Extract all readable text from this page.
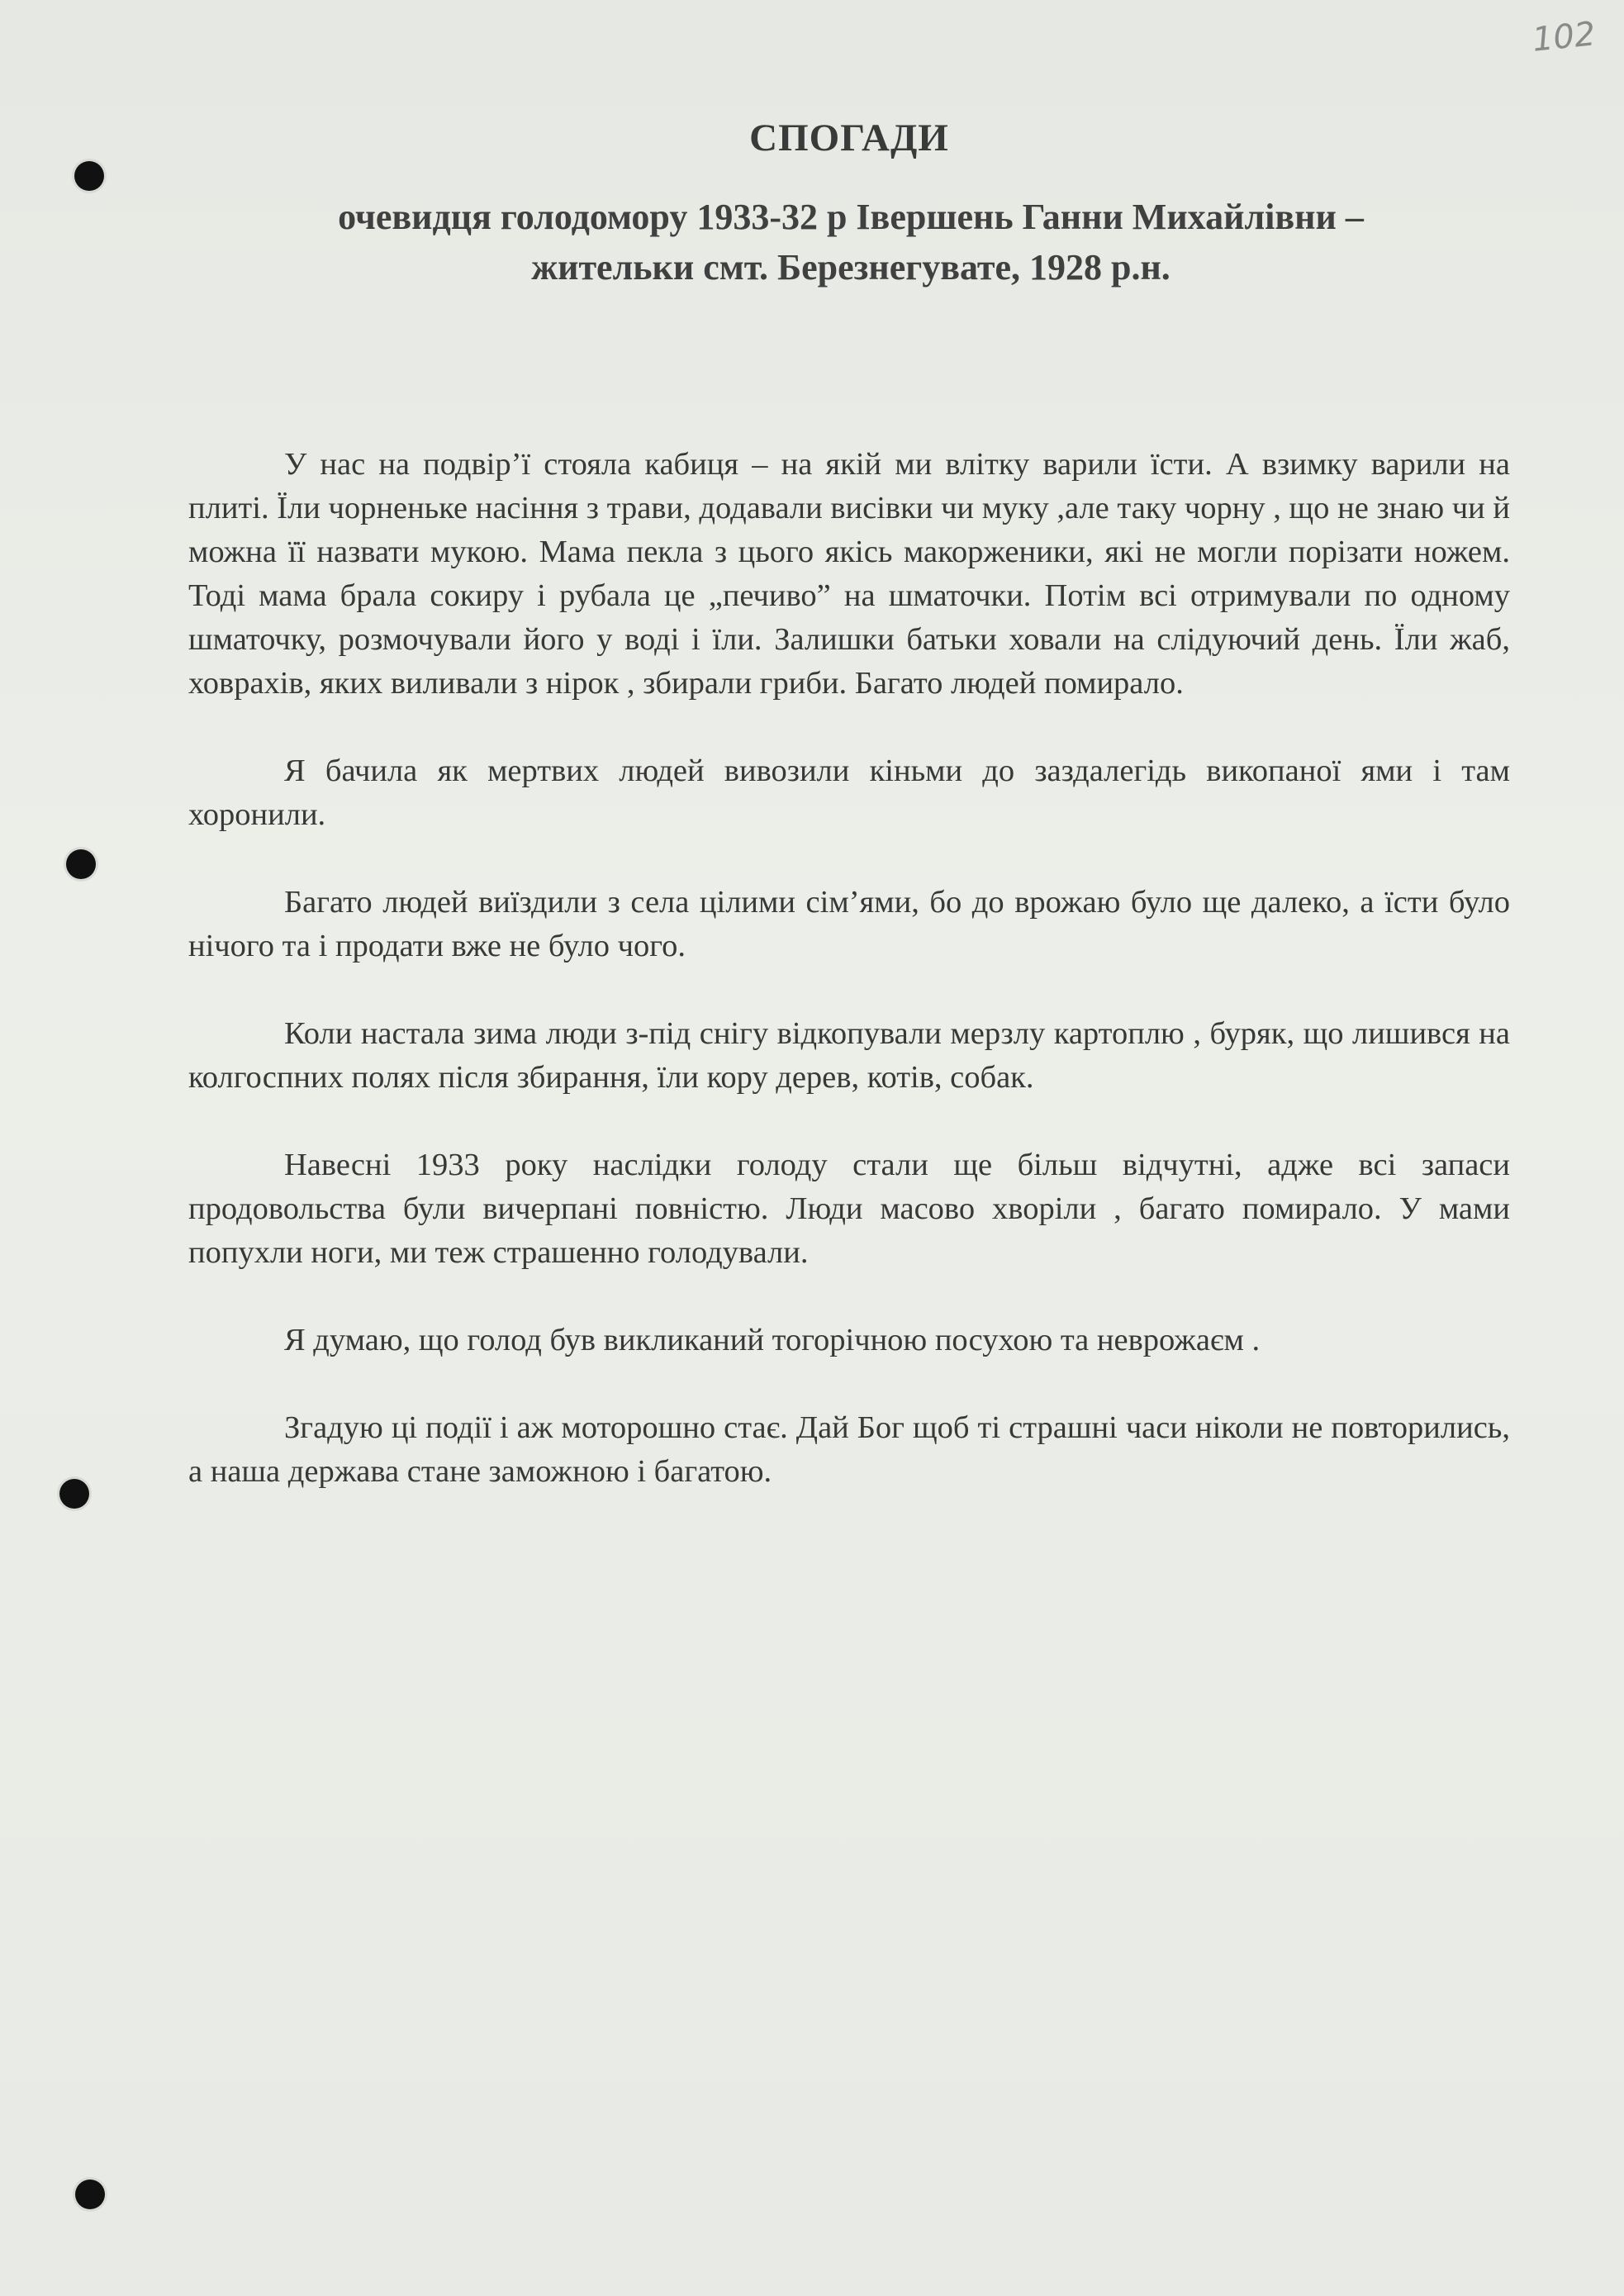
102
СПОГАДИ
очевидця голодомору 1933-32 р Івершень Ганни Михайлівни –
жительки смт. Березнегувате, 1928 р.н.

У нас на подвір’ї стояла кабиця – на якій ми влітку варили їсти. А взимку варили на плиті. Їли чорненьке насіння з трави, додавали висівки чи муку ,але таку чорну , що не знаю чи й можна її назвати мукою. Мама пекла з цього якісь макорженики, які не могли порізати ножем. Тоді мама брала сокиру і рубала це „печиво” на шматочки. Потім всі отримували по одному шматочку, розмочували його у воді і їли. Залишки батьки ховали на слідуючий день. Їли жаб, ховрахів, яких виливали з нірок , збирали гриби. Багато людей помирало.

Я бачила як мертвих людей вивозили кіньми до заздалегідь викопаної ями і там хоронили.

Багато людей виїздили з села цілими сім’ями, бо до врожаю було ще далеко, а їсти було нічого та і продати вже не було чого.

Коли настала зима люди з-під снігу відкопували мерзлу картоплю , буряк, що лишився на колгоспних полях після збирання, їли кору дерев, котів, собак.

Навесні 1933 року наслідки голоду стали ще більш відчутні, адже всі запаси продовольства були вичерпані повністю. Люди масово хворіли , багато помирало. У мами попухли ноги, ми теж страшенно голодували.

Я думаю, що голод був викликаний тогорічною посухою та неврожаєм .

Згадую ці події і аж моторошно стає. Дай Бог щоб ті страшні часи ніколи не повторились, а наша держава стане заможною і багатою.
